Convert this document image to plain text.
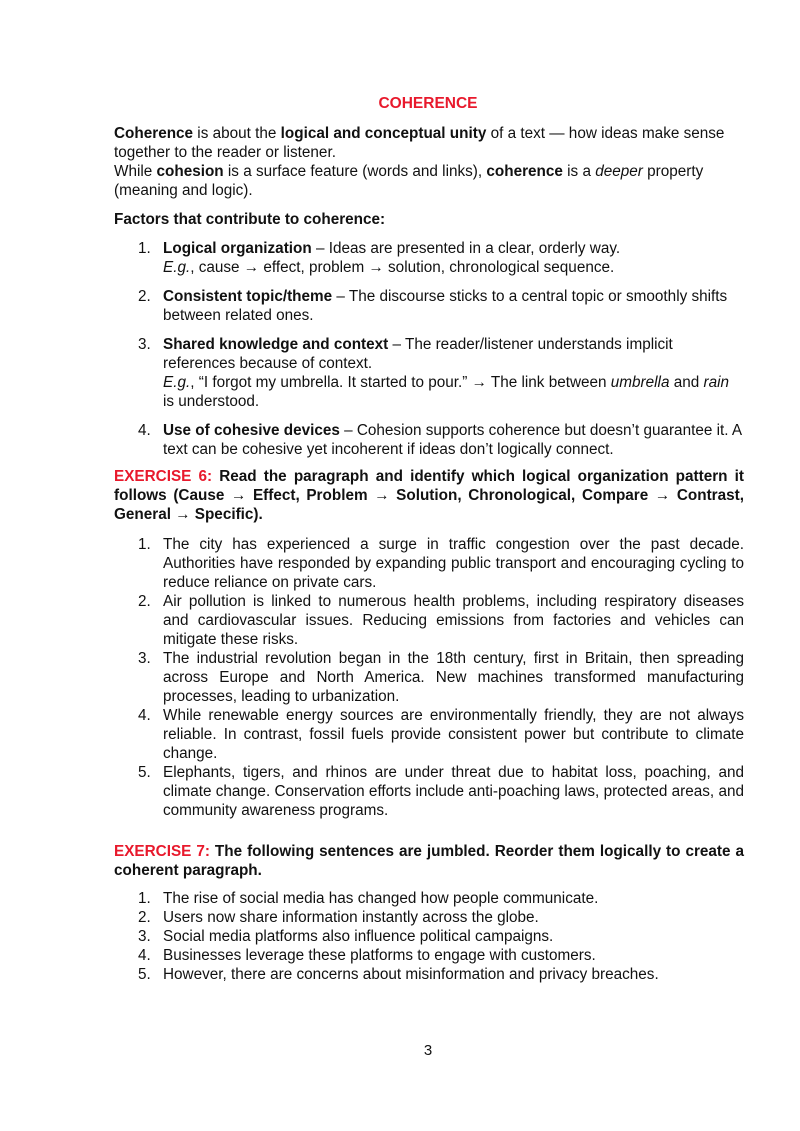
COHERENCE

Coherence is about the logical and conceptual unity of a text — how ideas make sense together to the reader or listener.
While cohesion is a surface feature (words and links), coherence is a deeper property (meaning and logic).

Factors that contribute to coherence:

1. Logical organization – Ideas are presented in a clear, orderly way.
E.g., cause → effect, problem → solution, chronological sequence.
2. Consistent topic/theme – The discourse sticks to a central topic or smoothly shifts between related ones.
3. Shared knowledge and context – The reader/listener understands implicit references because of context.
E.g., “I forgot my umbrella. It started to pour.” → The link between umbrella and rain is understood.
4. Use of cohesive devices – Cohesion supports coherence but doesn’t guarantee it. A text can be cohesive yet incoherent if ideas don’t logically connect.

EXERCISE 6: Read the paragraph and identify which logical organization pattern it follows (Cause → Effect, Problem → Solution, Chronological, Compare → Contrast, General → Specific).

1. The city has experienced a surge in traffic congestion over the past decade. Authorities have responded by expanding public transport and encouraging cycling to reduce reliance on private cars.
2. Air pollution is linked to numerous health problems, including respiratory diseases and cardiovascular issues. Reducing emissions from factories and vehicles can mitigate these risks.
3. The industrial revolution began in the 18th century, first in Britain, then spreading across Europe and North America. New machines transformed manufacturing processes, leading to urbanization.
4. While renewable energy sources are environmentally friendly, they are not always reliable. In contrast, fossil fuels provide consistent power but contribute to climate change.
5. Elephants, tigers, and rhinos are under threat due to habitat loss, poaching, and climate change. Conservation efforts include anti-poaching laws, protected areas, and community awareness programs.

EXERCISE 7: The following sentences are jumbled. Reorder them logically to create a coherent paragraph.

1. The rise of social media has changed how people communicate.
2. Users now share information instantly across the globe.
3. Social media platforms also influence political campaigns.
4. Businesses leverage these platforms to engage with customers.
5. However, there are concerns about misinformation and privacy breaches.
3
